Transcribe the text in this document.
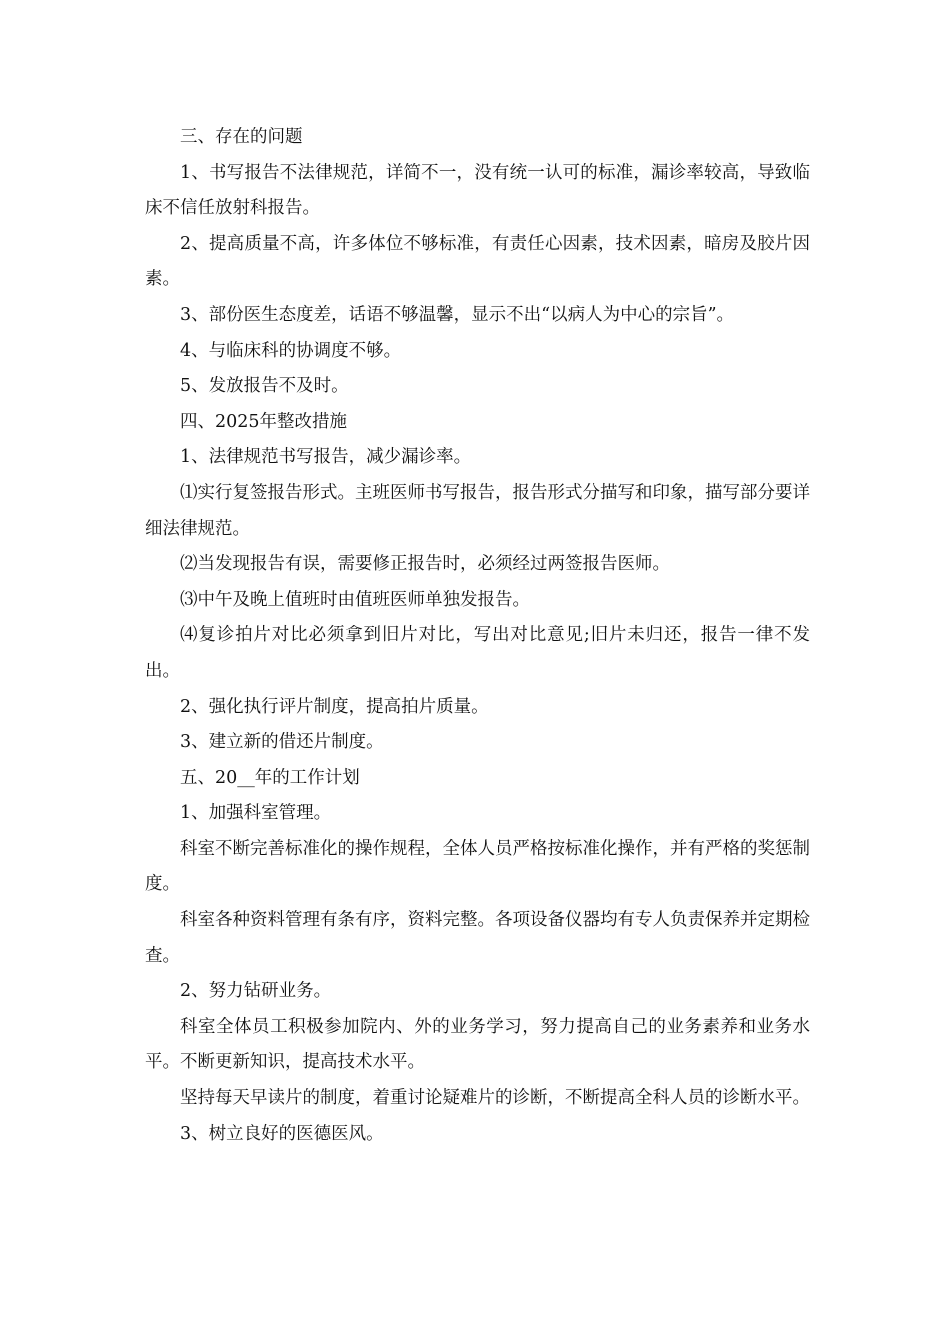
三、存在的问题

1、书写报告不法律规范，详简不一，没有统一认可的标准，漏诊率较高，导致临床不信任放射科报告。

2、提高质量不高，许多体位不够标准，有责任心因素，技术因素，暗房及胶片因素。

3、部份医生态度差，话语不够温馨，显示不出“以病人为中心的宗旨”。

4、与临床科的协调度不够。

5、发放报告不及时。

四、2025年整改措施

1、法律规范书写报告，减少漏诊率。

⑴实行复签报告形式。主班医师书写报告，报告形式分描写和印象，描写部分要详细法律规范。

⑵当发现报告有误，需要修正报告时，必须经过两签报告医师。

⑶中午及晚上值班时由值班医师单独发报告。

⑷复诊拍片对比必须拿到旧片对比，写出对比意见;旧片未归还，报告一律不发出。

2、强化执行评片制度，提高拍片质量。

3、建立新的借还片制度。

五、20__年的工作计划

1、加强科室管理。

科室不断完善标准化的操作规程，全体人员严格按标准化操作，并有严格的奖惩制度。

科室各种资料管理有条有序，资料完整。各项设备仪器均有专人负责保养并定期检查。

2、努力钻研业务。

科室全体员工积极参加院内、外的业务学习，努力提高自己的业务素养和业务水平。不断更新知识，提高技术水平。

坚持每天早读片的制度，着重讨论疑难片的诊断，不断提高全科人员的诊断水平。

3、树立良好的医德医风。
